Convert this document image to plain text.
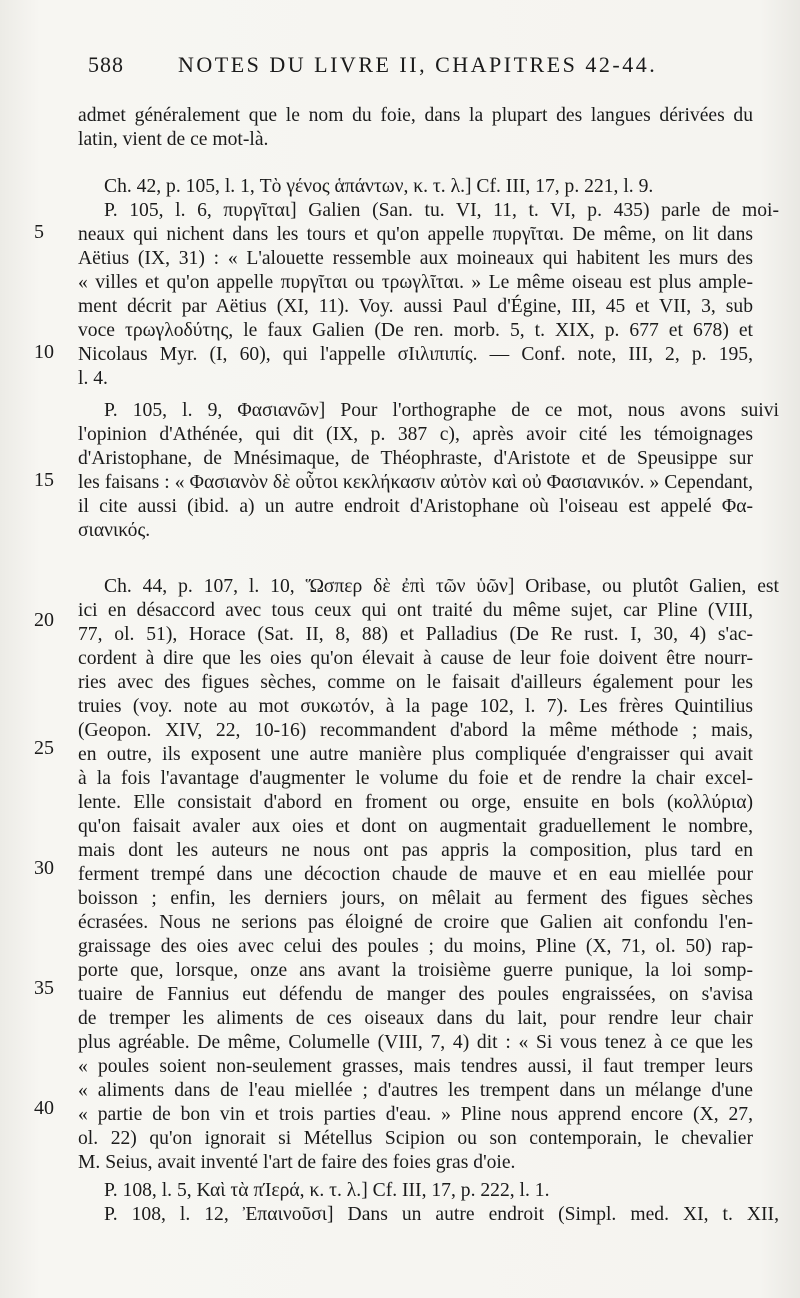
588 NOTES DU LIVRE II, CHAPITRES 42-44.
admet généralement que le nom du foie, dans la plupart des langues dérivées du
latin, vient de ce mot-là.
Ch. 42, p. 105, l. 1, Τὸ γένος ἁπάντων, κ. τ. λ.] Cf. III, 17, p. 221, l. 9.
P. 105, l. 6, πυργῖται] Galien (San. tu. VI, 11, t. VI, p. 435) parle de moi-
neaux qui nichent dans les tours et qu'on appelle πυργῖται. De même, on lit dans
Aëtius (IX, 31) : « L'alouette ressemble aux moineaux qui habitent les murs des
« villes et qu'on appelle πυργῖται ou τρωγλῖται. » Le même oiseau est plus ample-
ment décrit par Aëtius (XI, 11). Voy. aussi Paul d'Égine, III, 45 et VII, 3, sub
voce τρωγλοδύτης, le faux Galien (De ren. morb. 5, t. XIX, p. 677 et 678) et
Nicolaus Myr. (I, 60), qui l'appelle σΙιλιπιπίς. — Conf. note, III, 2, p. 195,
l. 4.
P. 105, l. 9, Φασιανῶν] Pour l'orthographe de ce mot, nous avons suivi
l'opinion d'Athénée, qui dit (IX, p. 387 c), après avoir cité les témoignages
d'Aristophane, de Mnésimaque, de Théophraste, d'Aristote et de Speusippe sur
les faisans : « Φασιανὸν δὲ οὗτοι κεκλήκασιν αὐτὸν καὶ οὐ Φασιανικόν. » Cependant,
il cite aussi (ibid. a) un autre endroit d'Aristophane où l'oiseau est appelé Φα-
σιανικός.
Ch. 44, p. 107, l. 10, Ὥσπερ δὲ ἐπὶ τῶν ὑῶν] Oribase, ou plutôt Galien, est
ici en désaccord avec tous ceux qui ont traité du même sujet, car Pline (VIII,
77, ol. 51), Horace (Sat. II, 8, 88) et Palladius (De Re rust. I, 30, 4) s'ac-
cordent à dire que les oies qu'on élevait à cause de leur foie doivent être nourr-
ries avec des figues sèches, comme on le faisait d'ailleurs également pour les
truies (voy. note au mot συκωτόν, à la page 102, l. 7). Les frères Quintilius
(Geopon. XIV, 22, 10-16) recommandent d'abord la même méthode ; mais,
en outre, ils exposent une autre manière plus compliquée d'engraisser qui avait
à la fois l'avantage d'augmenter le volume du foie et de rendre la chair excel-
lente. Elle consistait d'abord en froment ou orge, ensuite en bols (κολλύρια)
qu'on faisait avaler aux oies et dont on augmentait graduellement le nombre,
mais dont les auteurs ne nous ont pas appris la composition, plus tard en
ferment trempé dans une décoction chaude de mauve et en eau miellée pour
boisson ; enfin, les derniers jours, on mêlait au ferment des figues sèches
écrasées. Nous ne serions pas éloigné de croire que Galien ait confondu l'en-
graissage des oies avec celui des poules ; du moins, Pline (X, 71, ol. 50) rap-
porte que, lorsque, onze ans avant la troisième guerre punique, la loi somp-
tuaire de Fannius eut défendu de manger des poules engraissées, on s'avisa
de tremper les aliments de ces oiseaux dans du lait, pour rendre leur chair
plus agréable. De même, Columelle (VIII, 7, 4) dit : « Si vous tenez à ce que les
« poules soient non-seulement grasses, mais tendres aussi, il faut tremper leurs
« aliments dans de l'eau miellée ; d'autres les trempent dans un mélange d'une
« partie de bon vin et trois parties d'eau. » Pline nous apprend encore (X, 27,
ol. 22) qu'on ignorait si Métellus Scipion ou son contemporain, le chevalier
M. Seius, avait inventé l'art de faire des foies gras d'oie.
P. 108, l. 5, Καὶ τὰ πΊερά, κ. τ. λ.] Cf. III, 17, p. 222, l. 1.
P. 108, l. 12, Ἐπαινοῦσι] Dans un autre endroit (Simpl. med. XI, t. XII,
5
10
15
20
25
30
35
40
